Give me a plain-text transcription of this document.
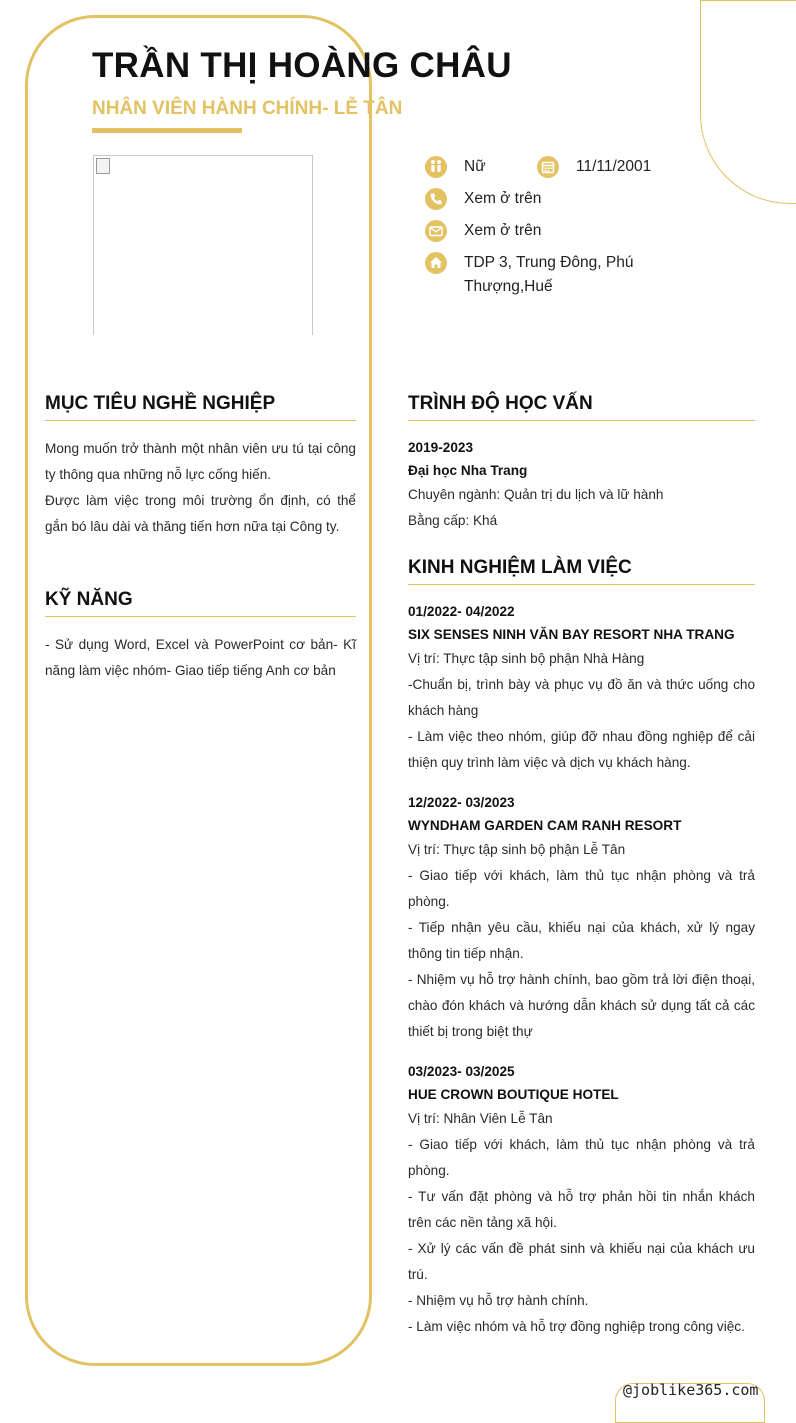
TRẦN THỊ HOÀNG CHÂU
NHÂN VIÊN HÀNH CHÍNH- LỄ TÂN
Nữ	11/11/2001
Xem ở trên
Xem ở trên
TDP 3, Trung Đông, Phú
Thượng,Huế
MỤC TIÊU NGHỀ NGHIỆP

Mong muốn trở thành một nhân viên ưu tú tại công ty thông qua những nỗ lực cống hiến.

Được làm việc trong môi trường ổn định, có thể gắn bó lâu dài và thăng tiến hơn nữa tại Công ty.

KỸ NĂNG

- Sử dụng Word, Excel và PowerPoint cơ bản- Kĩ năng làm việc nhóm- Giao tiếp tiếng Anh cơ bản

TRÌNH ĐỘ HỌC VẤN
2019-2023
Đại học Nha Trang
Chuyên ngành: Quản trị du lịch và lữ hành
Bằng cấp: Khá
KINH NGHIỆM LÀM VIỆC
01/2022- 04/2022
SIX SENSES NINH VĂN BAY RESORT NHA TRANG
Vị trí: Thực tập sinh bộ phận Nhà Hàng
-Chuẩn bị, trình bày và phục vụ đồ ăn và thức uống cho khách hàng
- Làm việc theo nhóm, giúp đỡ nhau đồng nghiệp để cải thiện quy trình làm việc và dịch vụ khách hàng.
12/2022- 03/2023
WYNDHAM GARDEN CAM RANH RESORT
Vị trí: Thực tập sinh bộ phận Lễ Tân
- Giao tiếp với khách, làm thủ tục nhận phòng và trả phòng.
- Tiếp nhận yêu cầu, khiếu nại của khách, xử lý ngay thông tin tiếp nhận.
- Nhiệm vụ hỗ trợ hành chính, bao gồm trả lời điện thoại, chào đón khách và hướng dẫn khách sử dụng tất cả các thiết bị trong biệt thự
03/2023- 03/2025
HUE CROWN BOUTIQUE HOTEL
Vị trí: Nhân Viên Lễ Tân
- Giao tiếp với khách, làm thủ tục nhận phòng và trả phòng.
- Tư vấn đặt phòng và hỗ trợ phản hồi tin nhắn khách trên các nền tảng xã hội.
- Xử lý các vấn đề phát sinh và khiếu nại của khách ưu trú.
- Nhiệm vụ hỗ trợ hành chính.
- Làm việc nhóm và hỗ trợ đồng nghiệp trong công việc.

@joblike365.com
